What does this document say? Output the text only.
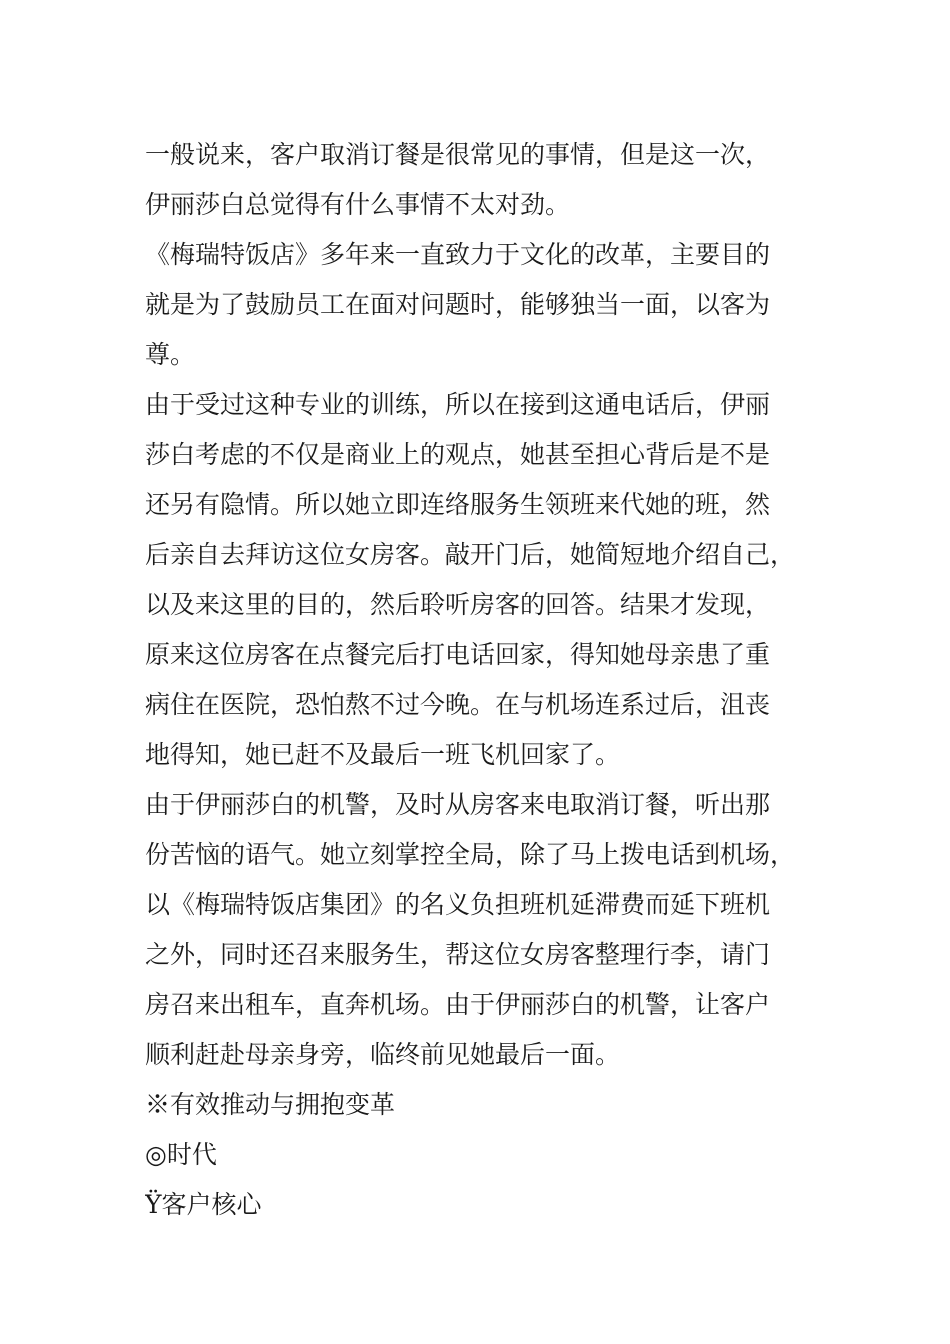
一般说来，客户取消订餐是很常见的事情，但是这一次，
伊丽莎白总觉得有什么事情不太对劲。
《梅瑞特饭店》多年来一直致力于文化的改革，主要目的
就是为了鼓励员工在面对问题时，能够独当一面，以客为
尊。
由于受过这种专业的训练，所以在接到这通电话后，伊丽
莎白考虑的不仅是商业上的观点，她甚至担心背后是不是
还另有隐情。所以她立即连络服务生领班来代她的班，然
后亲自去拜访这位女房客。敲开门后，她简短地介绍自己，
以及来这里的目的，然后聆听房客的回答。结果才发现，
原来这位房客在点餐完后打电话回家，得知她母亲患了重
病住在医院，恐怕熬不过今晚。在与机场连系过后，沮丧
地得知，她已赶不及最后一班飞机回家了。
由于伊丽莎白的机警，及时从房客来电取消订餐，听出那
份苦恼的语气。她立刻掌控全局，除了马上拨电话到机场，
以《梅瑞特饭店集团》的名义负担班机延滞费而延下班机
之外，同时还召来服务生，帮这位女房客整理行李，请门
房召来出租车，直奔机场。由于伊丽莎白的机警，让客户
顺利赶赴母亲身旁，临终前见她最后一面。
※有效推动与拥抱变革
◎时代
Ÿ客户核心
